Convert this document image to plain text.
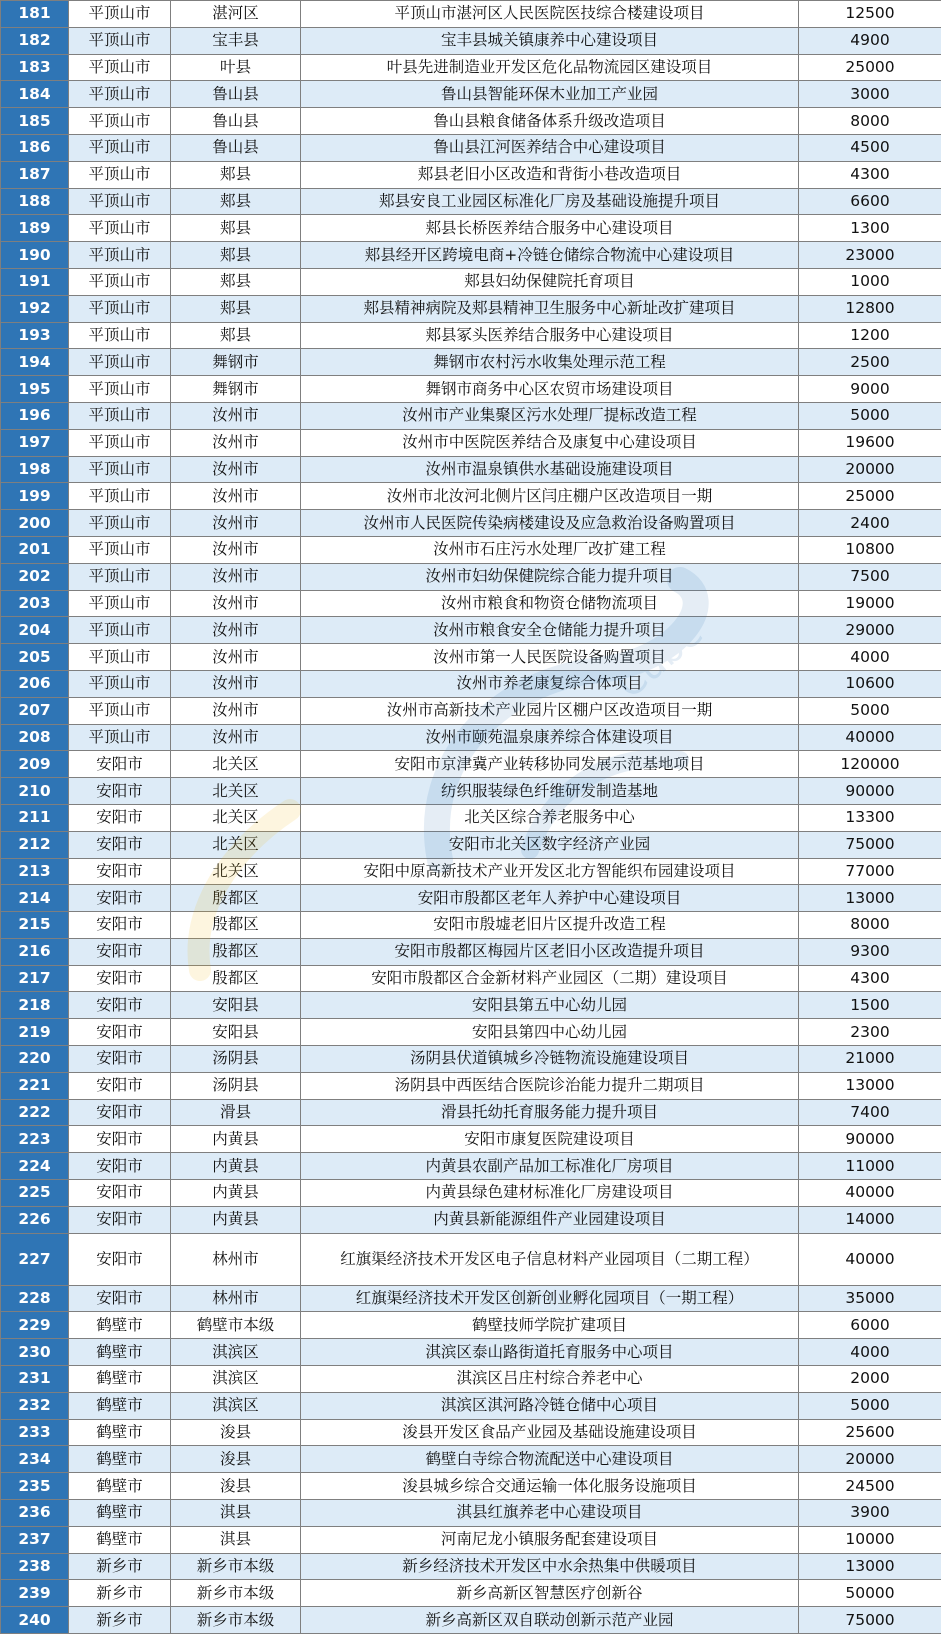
181	平顶山市	湛河区	平顶山市湛河区人民医院医技综合楼建设项目	12500
182	平顶山市	宝丰县	宝丰县城关镇康养中心建设项目	4900
183	平顶山市	叶县	叶县先进制造业开发区危化品物流园区建设项目	25000
184	平顶山市	鲁山县	鲁山县智能环保木业加工产业园	3000
185	平顶山市	鲁山县	鲁山县粮食储备体系升级改造项目	8000
186	平顶山市	鲁山县	鲁山县江河医养结合中心建设项目	4500
187	平顶山市	郏县	郏县老旧小区改造和背街小巷改造项目	4300
188	平顶山市	郏县	郏县安良工业园区标准化厂房及基础设施提升项目	6600
189	平顶山市	郏县	郏县长桥医养结合服务中心建设项目	1300
190	平顶山市	郏县	郏县经开区跨境电商+冷链仓储综合物流中心建设项目	23000
191	平顶山市	郏县	郏县妇幼保健院托育项目	1000
192	平顶山市	郏县	郏县精神病院及郏县精神卫生服务中心新址改扩建项目	12800
193	平顶山市	郏县	郏县冢头医养结合服务中心建设项目	1200
194	平顶山市	舞钢市	舞钢市农村污水收集处理示范工程	2500
195	平顶山市	舞钢市	舞钢市商务中心区农贸市场建设项目	9000
196	平顶山市	汝州市	汝州市产业集聚区污水处理厂提标改造工程	5000
197	平顶山市	汝州市	汝州市中医院医养结合及康复中心建设项目	19600
198	平顶山市	汝州市	汝州市温泉镇供水基础设施建设项目	20000
199	平顶山市	汝州市	汝州市北汝河北侧片区闫庄棚户区改造项目一期	25000
200	平顶山市	汝州市	汝州市人民医院传染病楼建设及应急救治设备购置项目	2400
201	平顶山市	汝州市	汝州市石庄污水处理厂改扩建工程	10800
202	平顶山市	汝州市	汝州市妇幼保健院综合能力提升项目	7500
203	平顶山市	汝州市	汝州市粮食和物资仓储物流项目	19000
204	平顶山市	汝州市	汝州市粮食安全仓储能力提升项目	29000
205	平顶山市	汝州市	汝州市第一人民医院设备购置项目	4000
206	平顶山市	汝州市	汝州市养老康复综合体项目	10600
207	平顶山市	汝州市	汝州市高新技术产业园片区棚户区改造项目一期	5000
208	平顶山市	汝州市	汝州市颐苑温泉康养综合体建设项目	40000
209	安阳市	北关区	安阳市京津冀产业转移协同发展示范基地项目	120000
210	安阳市	北关区	纺织服装绿色纤维研发制造基地	90000
211	安阳市	北关区	北关区综合养老服务中心	13300
212	安阳市	北关区	安阳市北关区数字经济产业园	75000
213	安阳市	北关区	安阳中原高新技术产业开发区北方智能织布园建设项目	77000
214	安阳市	殷都区	安阳市殷都区老年人养护中心建设项目	13000
215	安阳市	殷都区	安阳市殷墟老旧片区提升改造工程	8000
216	安阳市	殷都区	安阳市殷都区梅园片区老旧小区改造提升项目	9300
217	安阳市	殷都区	安阳市殷都区合金新材料产业园区（二期）建设项目	4300
218	安阳市	安阳县	安阳县第五中心幼儿园	1500
219	安阳市	安阳县	安阳县第四中心幼儿园	2300
220	安阳市	汤阴县	汤阴县伏道镇城乡冷链物流设施建设项目	21000
221	安阳市	汤阴县	汤阴县中西医结合医院诊治能力提升二期项目	13000
222	安阳市	滑县	滑县托幼托育服务能力提升项目	7400
223	安阳市	内黄县	安阳市康复医院建设项目	90000
224	安阳市	内黄县	内黄县农副产品加工标准化厂房项目	11000
225	安阳市	内黄县	内黄县绿色建材标准化厂房建设项目	40000
226	安阳市	内黄县	内黄县新能源组件产业园建设项目	14000
227	安阳市	林州市	红旗渠经济技术开发区电子信息材料产业园项目（二期工程）	40000
228	安阳市	林州市	红旗渠经济技术开发区创新创业孵化园项目（一期工程）	35000
229	鹤壁市	鹤壁市本级	鹤壁技师学院扩建项目	6000
230	鹤壁市	淇滨区	淇滨区泰山路街道托育服务中心项目	4000
231	鹤壁市	淇滨区	淇滨区吕庄村综合养老中心	2000
232	鹤壁市	淇滨区	淇滨区淇河路冷链仓储中心项目	5000
233	鹤壁市	浚县	浚县开发区食品产业园及基础设施建设项目	25600
234	鹤壁市	浚县	鹤壁白寺综合物流配送中心建设项目	20000
235	鹤壁市	浚县	浚县城乡综合交通运输一体化服务设施项目	24500
236	鹤壁市	淇县	淇县红旗养老中心建设项目	3900
237	鹤壁市	淇县	河南尼龙小镇服务配套建设项目	10000
238	新乡市	新乡市本级	新乡经济技术开发区中水余热集中供暖项目	13000
239	新乡市	新乡市本级	新乡高新区智慧医疗创新谷	50000
240	新乡市	新乡市本级	新乡高新区双自联动创新示范产业园	75000
Cube
